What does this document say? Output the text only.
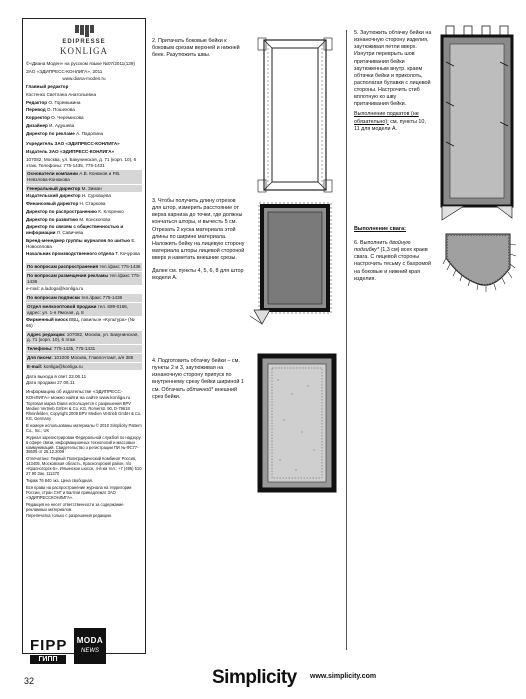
EDIPRESSE
KONLIGA
©«Диана Моден» на русском языке №07/2011(139)
ЗАО «ЭДИПРЕСС-КОНЛИГА», 2011
www.diana-moden.ru
Главный редактор
Костенко Светлана Анатольевна
Редактор О. Горемыкина
Перевод О. Пошехова
Корректор О. Черемисова
Дизайнер И. Адушева
Директор по рекламе А. Падолина
Учредитель ЗАО «ЭДИПРЕСС-КОНЛИГА»
Издатель ЗАО «ЭДИПРЕСС-КОНЛИГА»
107082, Москва, ул. Бакунинская, д. 71 (корп. 10), 6 этаж. Телефоны: 775-1435, 775-1431
Основатели компании А.В. Конюков и Р.В. Невзлова-Конюкова
Генеральный директор М. Зиман
Издательский директор Н. Суровцева
Финансовый директор Н. Старкова
Директор по распространению К. Клоренко
Директор по развитию М. Конскопова
Директор по связям с общественностью и информации Л. Савичева
Бренд-менеджер группы журналов по шитью Е. Новоселова
Начальник производственного отдела Т. Кочурова
По вопросам распространения тел./факс 775-1436
По вопросам размещения рекламы тел./факс 775-1436
e-mail: a.ladoga@konliga.ru
По вопросам подписки тел./факс 775-1436
Отдел мелкооптовой продажи тел. 689-0166, адрес: ул. 1-я Ямская, д. 8
Фирменный киоск ВВЦ, павильон «Культура» (№ 66)
Адрес редакции: 107082, Москва, ул. Бакунинская, д. 71 (корп. 10), 6 этаж
Телефоны: 775-1435, 775-1431
Для писем: 101000 Москва, Главпочтамт, а/я 385
E-mail: konliga@konliga.ru
Дата выхода в свет 23.06.11
Дата продажи 27.06.11
Информацию об издательстве «ЭДИПРЕСС-КОНЛИГА» можно найти на сайте www.konliga.ru
Торговая марка Diana используется с разрешения BPV Medien Vertrieb GmbH & Co. KG, Romerstr. 90, D-79618 Rheinfelden, Copyright 2008 BPV Medien Vertrieb GmbH & Co. KG, Germany
В номере использованы материалы © 2010 Simplicity Pattern Co., Inc., UK
Журнал зарегистрирован Федеральной службой по надзору в сфере связи, информационных технологий и массовых коммуникаций. Свидетельство о регистрации ПИ № ФС77-38605 от 25.12.2009
Отпечатано: Первый Полиграфический Комбинат Россия, 143405, Московская область, Красногорский район, п/о «Красногорск-5», Ильинское шоссе, 4-й км тел.: +7 (495) 510 27 90 Зак. 111370
Тираж 76 840 экз. Цена свободная.
Вся права на распространение журнала на территории России, стран СНГ и Балтии принадлежат ЗАО «ЭДИПРЕССКОНЛИГА».
Редакция не несет ответственности за содержание рекламных материалов.
Перепечатка только с разрешения редакции.
FIPP
ГИПП
MODA
NEWS
2. Притачать боковые бейки к боковым срезам верхней и нижней беек. Разутюжить швы.
3. Чтобы получить длину отрезов для штор, измерить расстояние от верха карниза до точки, где должны кончаться шторы, и вычесть 5 см. Отрезать 2 куска материала этой длины по ширине материала. Наложить бейку на лицевую сторону материала шторы лицевой стороной вверх и наметать внешние срезы.
Далее см. пункты 4, 5, 6, 8 для штор модели А.
4. Подготовить обтачку бейки – см. пункты 2 и 3, заутюживая на изнаночную сторону припуск по внутреннему срезу бейки шириной 1 см. Обтачать обтачной* внешний срез бейки.
5. Заутюжить обтачку бейки на изнаночную сторону изделия, заутюживая петли вверх. Изнутри переврыть шов притачивания бейки заутюженным внутр. краем обтачки бейки и приколоть, располагая булавки с лицевой стороны. Настрочить стиб вплотную ко шву притачивания бейки.
Выполнение подкатов (не обязательно): см. пункты 10, 11 для модели А.
Выполнение свага:
6. Выполнить двойную подгибку* (1,3 см) всех краев свага. С лицевой стороны настрочить тесьму с бахромой на боковые и нижний края изделия.
32	Simplicity www.simplicity.com
